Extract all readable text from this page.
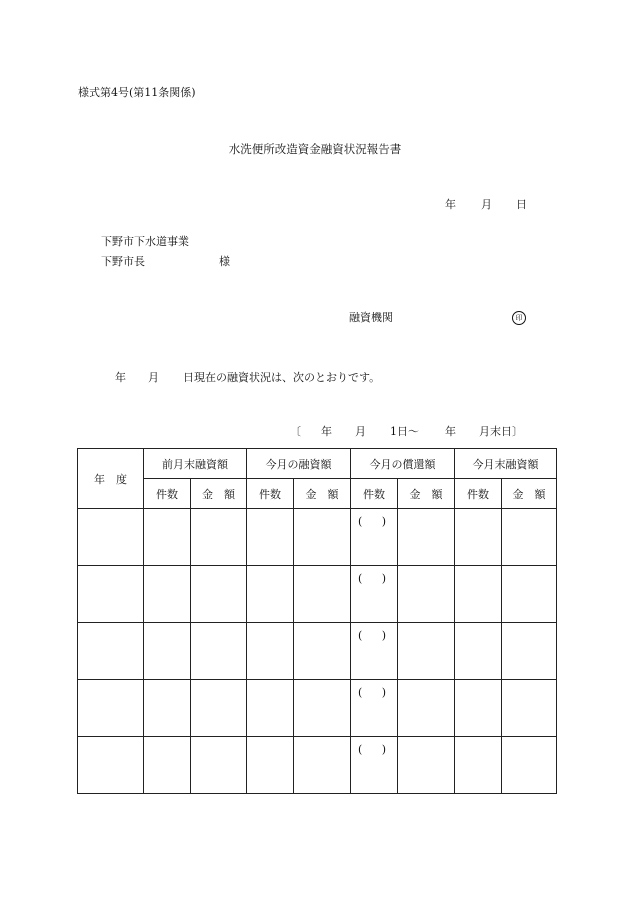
様式第4号(第11条関係)
水洗便所改造資金融資状況報告書
年 月 日
下野市下水道事業
下野市長	様
融資機関	印
年 月 日現在の融資状況は、次のとおりです。
〔 年 月 1日〜 年 月末日〕
年　度	前月末融資額		今月の融資額		今月の償還額		今月末融資額	
	件数	金　額	件数	金　額	件数	金　額	件数	金　額

					( )			

					( )			

					( )			

					( )			

					( )			
